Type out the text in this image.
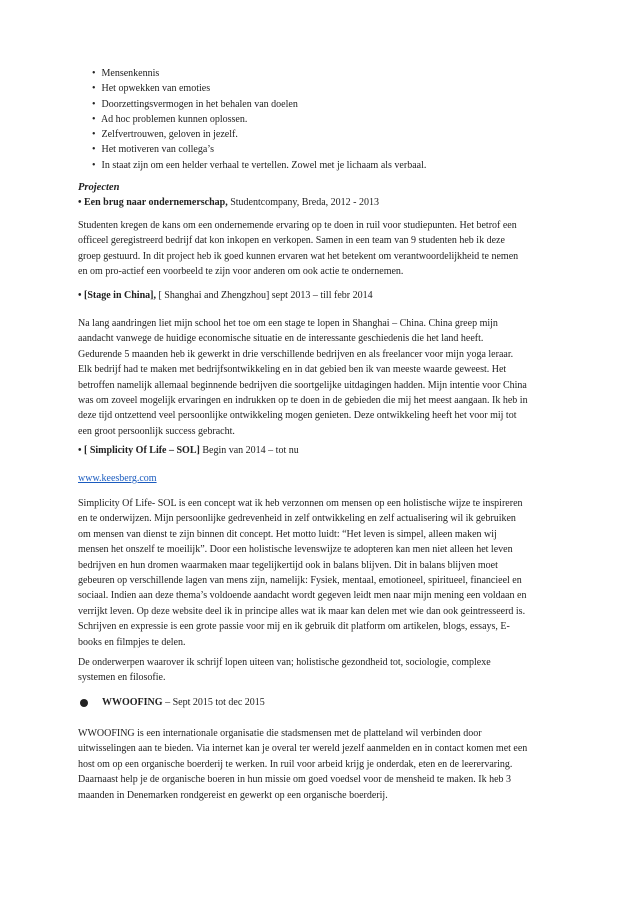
• Mensenkennis
• Het opwekken van emoties
• Doorzettingsvermogen in het behalen van doelen
• Ad hoc problemen kunnen oplossen.
• Zelfvertrouwen, geloven in jezelf.
• Het motiveren van collega’s
• In staat zijn om een helder verhaal te vertellen. Zowel met je lichaam als verbaal.
Projecten
• Een brug naar ondernemerschap, Studentcompany, Breda, 2012 - 2013
Studenten kregen de kans om een ondernemende ervaring op te doen in ruil voor studiepunten. Het betrof een
officeel geregistreerd bedrijf dat kon inkopen en verkopen. Samen in een team van 9 studenten heb ik deze
groep gestuurd. In dit project heb ik goed kunnen ervaren wat het betekent om verantwoordelijkheid te nemen
en om pro-actief een voorbeeld te zijn voor anderen om ook actie te ondernemen.
• [Stage in China], [ Shanghai and Zhengzhou] sept 2013 – till febr 2014
Na lang aandringen liet mijn school het toe om een stage te lopen in Shanghai – China. China greep mijn
aandacht vanwege de huidige economische situatie en de interessante geschiedenis die het land heeft.
Gedurende 5 maanden heb ik gewerkt in drie verschillende bedrijven en als freelancer voor mijn yoga leraar.
Elk bedrijf had te maken met bedrijfsontwikkeling en in dat gebied ben ik van meeste waarde geweest. Het
betroffen namelijk allemaal beginnende bedrijven die soortgelijke uitdagingen hadden. Mijn intentie voor China
was om zoveel mogelijk ervaringen en indrukken op te doen in de gebieden die mij het meest aangaan. Ik heb in
deze tijd ontzettend veel persoonlijke ontwikkeling mogen genieten. Deze ontwikkeling heeft het voor mij tot
een groot persoonlijk success gebracht.
• [ Simplicity Of Life – SOL] Begin van 2014 – tot nu
www.keesberg.com
Simplicity Of Life- SOL is een concept wat ik heb verzonnen om mensen op een holistische wijze te inspireren
en te onderwijzen. Mijn persoonlijke gedrevenheid in zelf ontwikkeling en zelf actualisering wil ik gebruiken
om mensen van dienst te zijn binnen dit concept. Het motto luidt: “Het leven is simpel, alleen maken wij
mensen het onszelf te moeilijk”. Door een holistische levenswijze te adopteren kan men niet alleen het leven
bedrijven en hun dromen waarmaken maar tegelijkertijd ook in balans blijven. Dit in balans blijven moet
gebeuren op verschillende lagen van mens zijn, namelijk: Fysiek, mentaal, emotioneel, spiritueel, financieel en
sociaal. Indien aan deze thema’s voldoende aandacht wordt gegeven leidt men naar mijn mening een voldaan en
verrijkt leven. Op deze website deel ik in principe alles wat ik maar kan delen met wie dan ook geintresseerd is.
Schrijven en expressie is een grote passie voor mij en ik gebruik dit platform om artikelen, blogs, essays, E-
books en filmpjes te delen.
De onderwerpen waarover ik schrijf lopen uiteen van; holistische gezondheid tot, sociologie, complexe
systemen en filosofie.
WWOOFING – Sept 2015 tot dec 2015
WWOOFING is een internationale organisatie die stadsmensen met de platteland wil verbinden door
uitwisselingen aan te bieden. Via internet kan je overal ter wereld jezelf aanmelden en in contact komen met een
host om op een organische boerderij te werken. In ruil voor arbeid krijg je onderdak, eten en de leerervaring.
Daarnaast help je de organische boeren in hun missie om goed voedsel voor de mensheid te maken. Ik heb 3
maanden in Denemarken rondgereist en gewerkt op een organische boerderij.
